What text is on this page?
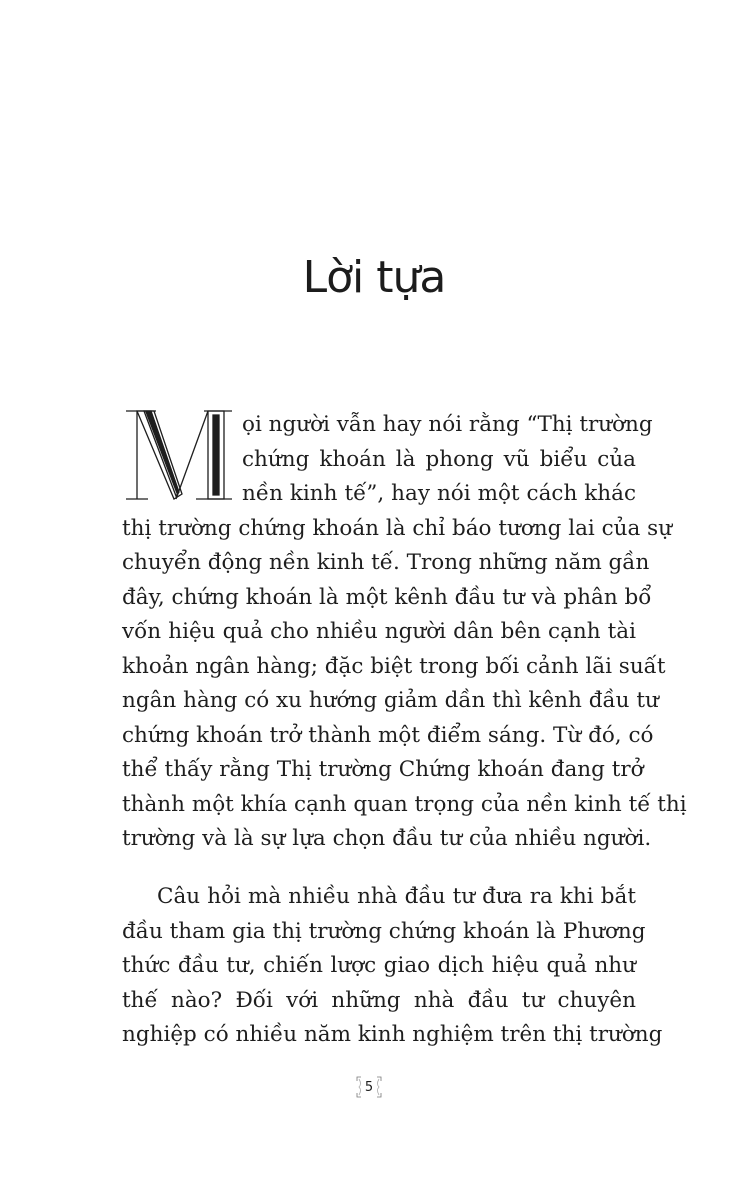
Lời tựa
ọi người vẫn hay nói rằng “Thị trường
chứng khoán là phong vũ biểu của
nền kinh tế”, hay nói một cách khác
thị trường chứng khoán là chỉ báo tương lai của sự
chuyển động nền kinh tế. Trong những năm gần
đây, chứng khoán là một kênh đầu tư và phân bổ
vốn hiệu quả cho nhiều người dân bên cạnh tài
khoản ngân hàng; đặc biệt trong bối cảnh lãi suất
ngân hàng có xu hướng giảm dần thì kênh đầu tư
chứng khoán trở thành một điểm sáng. Từ đó, có
thể thấy rằng Thị trường Chứng khoán đang trở
thành một khía cạnh quan trọng của nền kinh tế thị
trường và là sự lựa chọn đầu tư của nhiều người.
Câu hỏi mà nhiều nhà đầu tư đưa ra khi bắt
đầu tham gia thị trường chứng khoán là Phương
thức đầu tư, chiến lược giao dịch hiệu quả như
thế nào? Đối với những nhà đầu tư chuyên
nghiệp có nhiều năm kinh nghiệm trên thị trường
5
